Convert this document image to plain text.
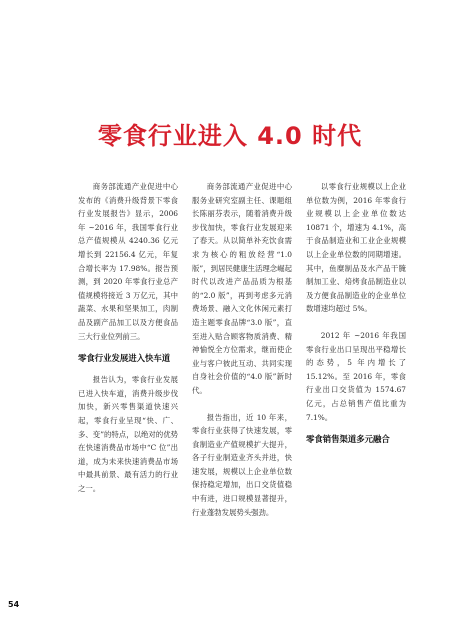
零食行业进入 4.0 时代

商务部流通产业促进中心发布的《消费升级背景下零食行业发展报告》显示，2006 年 ~2016 年，我国零食行业总产值规模从 4240.36 亿元增长到 22156.4 亿元，年复合增长率为 17.98%。报告预测，到 2020 年零食行业总产值规模将接近 3 万亿元，其中蔬菜、水果和坚果加工，肉制品及副产品加工以及方便食品三大行业位列前三。

零食行业发展进入快车道

报告认为，零食行业发展已进入快车道，消费升级步伐加快，新兴零售渠道快速兴起，零食行业呈现“快、广、多、变”的特点，以绝对的优势在快速消费品市场中“C 位”出道，成为未来快速消费品市场中最具前景、最有活力的行业之一。

商务部流通产业促进中心服务业研究室副主任、课题组长陈丽芬表示，随着消费升级步伐加快，零食行业发展迎来了春天。从以简单补充饮食需求为核心的粗放经营“1.0 版”，到居民健康生活理念崛起时代以改进产品品质为根基的“2.0 版”，再到考虑多元消费场景、融入文化休闲元素打造主题零食品牌“3.0 版”，直至进入贴合顾客物质消费、精神愉悦全方位需求，继而使企业与客户彼此互动、共同实现自身社会价值的“4.0 版”新时代。

报告指出，近 10 年来，零食行业获得了快速发展，零食制造业产值规模扩大提升，各子行业制造业齐头并进，快速发展，规模以上企业单位数保持稳定增加，出口交货值稳中有进，进口规模显著提升，行业蓬勃发展势头强劲。

以零食行业规模以上企业单位数为例，2016 年零食行业规模以上企业单位数达 10871 个，增速为 4.1%，高于食品制造业和工业企业规模以上企业单位数的同期增速。其中，鱼糜制品及水产品干腌制加工业、焙烤食品制造业以及方便食品制造业的企业单位数增速均超过 5%。

2012 年 ~2016 年我国零食行业出口呈现出平稳增长的态势，5 年内增长了 15.12%。至 2016 年，零食行业出口交货值为 1574.67 亿元，占总销售产值比重为 7.1%。

零食销售渠道多元融合

54
